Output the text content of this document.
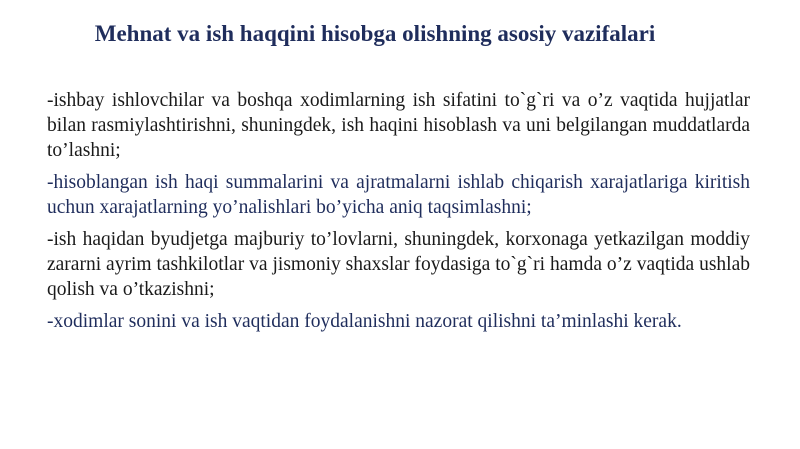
Mehnat va ish haqqini hisobga olishning asosiy vazifalari

-ishbay ishlovchilar va boshqa xodimlarning ish sifatini to`g`ri va o’z vaqtida hujjatlar bilan rasmiylashtirishni, shuningdek, ish haqini hisoblash va uni belgilangan muddatlarda to’lashni;

-hisoblangan ish haqi summalarini va ajratmalarni ishlab chiqarish xarajatlariga kiritish uchun xarajatlarning yo’nalishlari bo’yicha aniq taqsimlashni;

-ish haqidan byudjetga majburiy to’lovlarni, shuningdek, korxonaga yetkazilgan moddiy zararni ayrim tashkilotlar va jismoniy shaxslar foydasiga to`g`ri hamda o’z vaqtida ushlab qolish va o’tkazishni;

-xodimlar sonini va ish vaqtidan foydalanishni nazorat qilishni ta’minlashi kerak.
